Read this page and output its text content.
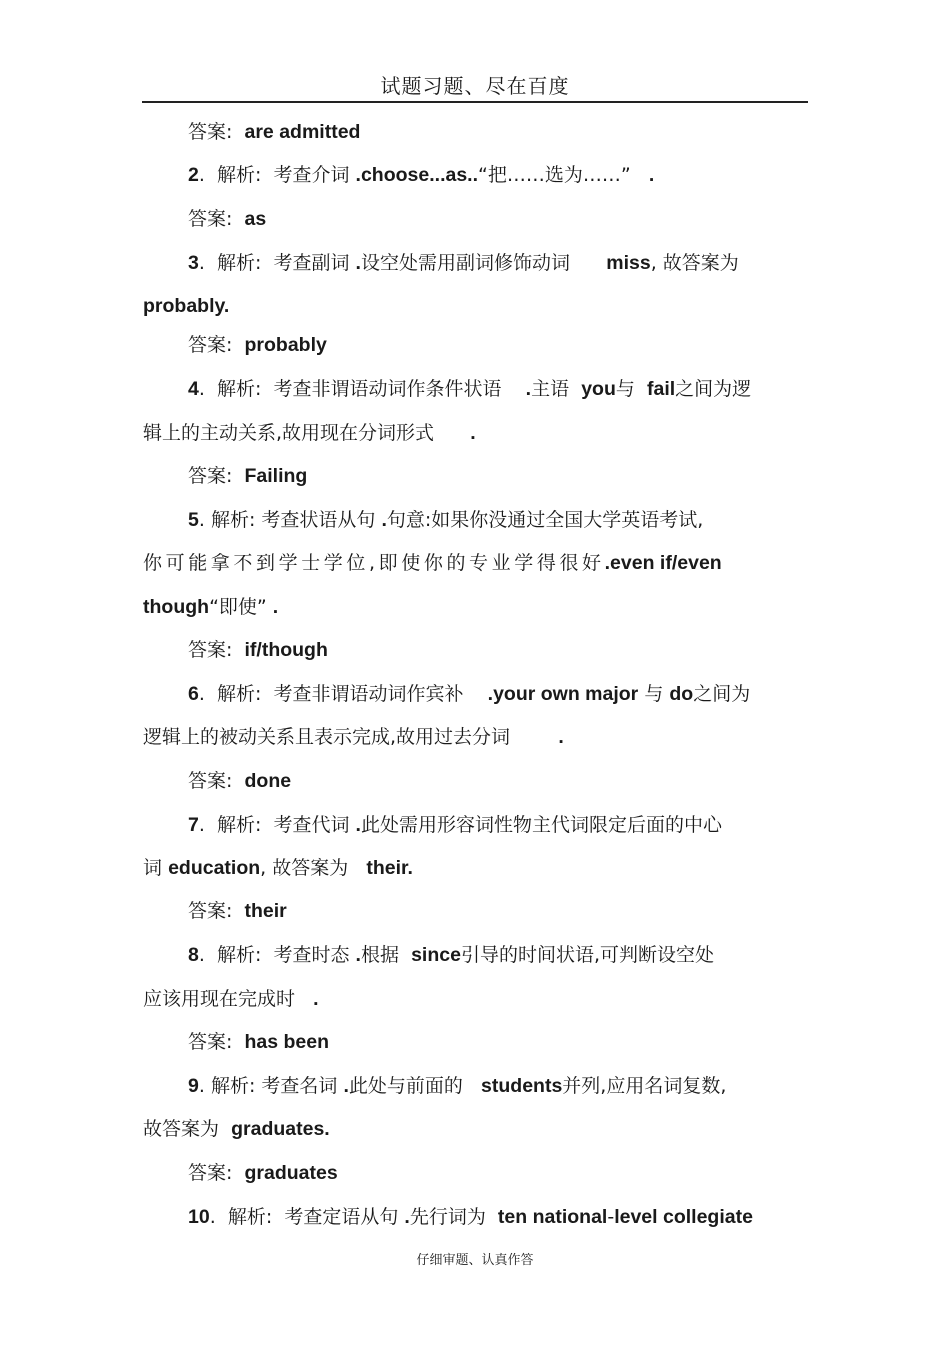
试题习题、尽在百度
答案: are admitted
2.  解析: 考查介词 .choose...as..“把……选为……” .
答案: as
3.  解析: 考查副词 .设空处需用副词修饰动词 miss, 故答案为
probably.
答案: probably
4.  解析: 考查非谓语动词作条件状语 .主语 you与 fail之间为逻
辑上的主动关系,故用现在分词形式 .
答案: Failing
5. 解析: 考查状语从句 .句意:如果你没通过全国大学英语考试,
你可能拿不到学士学位,即使你的专业学得很好.even if/even
though“即使” .
答案: if/though
6.  解析: 考查非谓语动词作宾补 .your own major 与 do之间为
逻辑上的被动关系且表示完成,故用过去分词 .
答案: done
7.  解析: 考查代词 .此处需用形容词性物主代词限定后面的中心
词 education, 故答案为 their.
答案: their
8.  解析: 考查时态 .根据 since引导的时间状语,可判断设空处
应该用现在完成时 .
答案: has been
9. 解析: 考查名词 .此处与前面的 students并列,应用名词复数,
故答案为 graduates.
答案: graduates
10.  解析: 考查定语从句 .先行词为 ten national-level collegiate
仔细审题、认真作答
